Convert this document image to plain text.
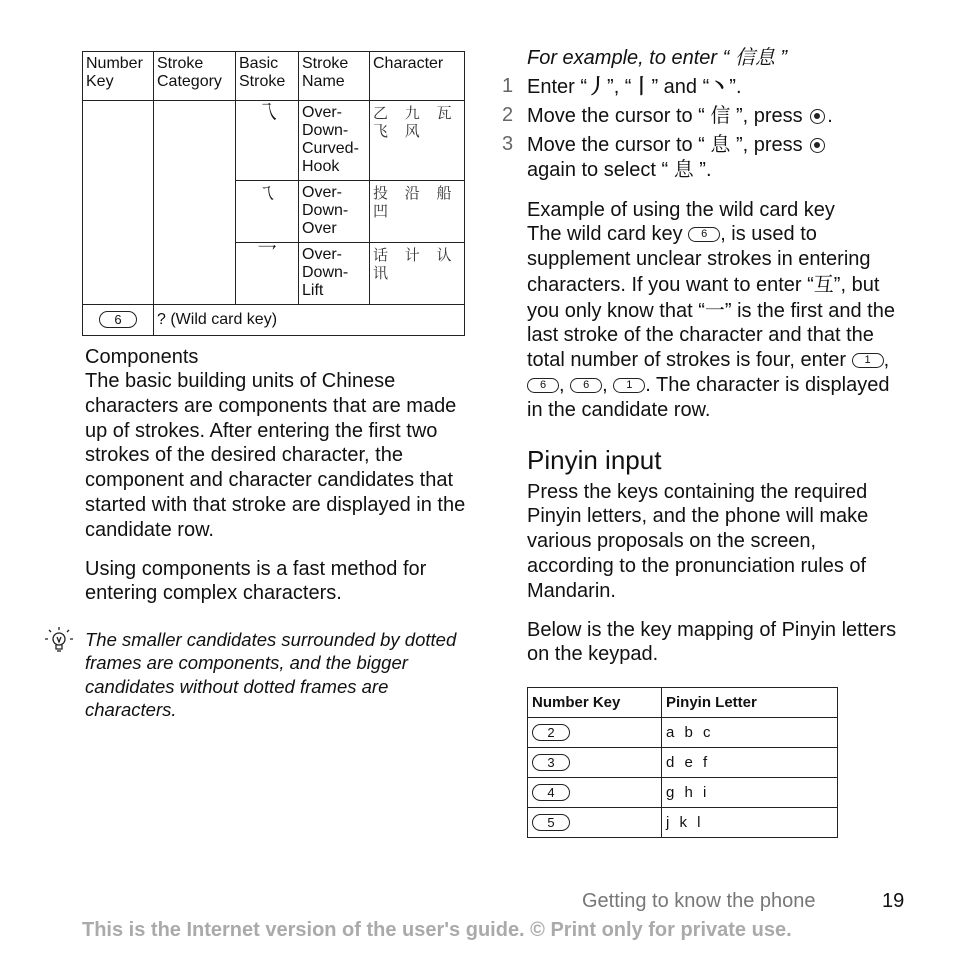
Number Key	Stroke Category	Basic Stroke	Stroke Name	Character
		乁	Over-Down-Curved-Hook	乙 九 瓦 飞 风
		ㄟ	Over-Down-Over	投 沿 船 凹
		乛	Over-Down-Lift	话 计 认 讯
6	? (Wild card key)			
Components

The basic building units of Chinese characters are components that are made up of strokes. After entering the first two strokes of the desired character, the component and character candidates that started with that stroke are displayed in the candidate row.

Using components is a fast method for entering complex characters.

The smaller candidates surrounded by dotted frames are components, and the bigger candidates without dotted frames are characters.
For example, to enter “ 信息 ”
1 Enter “丿”, “丨” and “丶”.
2 Move the cursor to “ 信 ”, press .
3 Move the cursor to “ 息 ”, press
again to select “ 息 ”.
Example of using the wild card key

The wild card key 6 , is used to supplement unclear strokes in entering characters. If you want to enter “互”, but you only know that “一” is the first and the last stroke of the character and that the total number of strokes is four, enter 1 , 6 , 6 , 1 . The character is displayed in the candidate row.

Pinyin input

Press the keys containing the required Pinyin letters, and the phone will make various proposals on the screen, according to the pronunciation rules of Mandarin.

Below is the key mapping of Pinyin letters on the keypad.

Number Key	Pinyin Letter
2	a b c
3	d e f
4	g h i
5	j k l
Getting to know the phone	19
This is the Internet version of the user's guide. © Print only for private use.
